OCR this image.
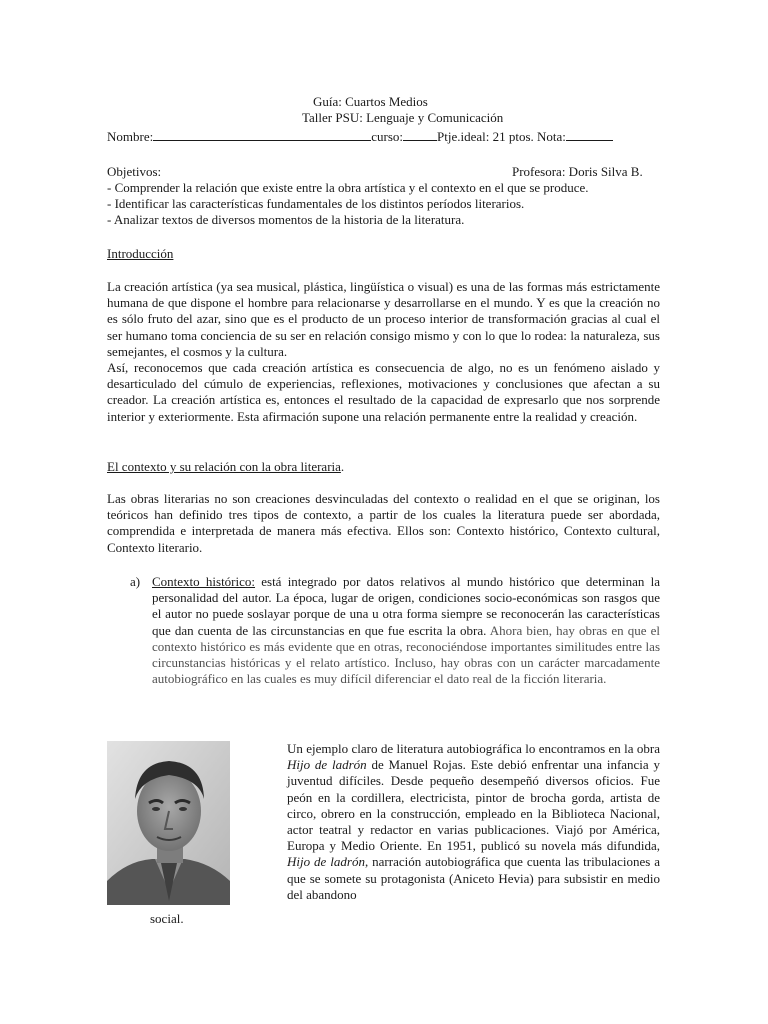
Guía: Cuartos Medios
Taller PSU: Lenguaje y Comunicación
Nombre:	curso:	Ptje.ideal: 21 ptos. Nota:
Objetivos:	Profesora: Doris Silva B.
- Comprender la relación que existe entre la obra artística y el contexto en el que se produce.
- Identificar las características fundamentales de los distintos períodos literarios.
- Analizar textos de diversos momentos de la historia de la literatura.
Introducción
La creación artística (ya sea musical, plástica, lingüística o visual) es una de las formas más estrictamente humana de que dispone el hombre para relacionarse y desarrollarse en el mundo. Y es que la creación no es sólo fruto del azar, sino que es el producto de un proceso interior de transformación gracias al cual el ser humano toma conciencia de su ser en relación consigo mismo y con lo que lo rodea: la naturaleza, sus semejantes, el cosmos y la cultura.
Así, reconocemos que cada creación artística es consecuencia de algo, no es un fenómeno aislado y desarticulado del cúmulo de experiencias, reflexiones, motivaciones y conclusiones que afectan a su creador. La creación artística es, entonces el resultado de la capacidad de expresarlo que nos sorprende interior y exteriormente. Esta afirmación supone una relación permanente entre la realidad y creación.
El contexto y su relación con la obra literaria.
Las obras literarias no son creaciones desvinculadas del contexto o realidad en el que se originan, los teóricos han definido tres tipos de contexto, a partir de los cuales la literatura puede ser abordada, comprendida e interpretada de manera más efectiva. Ellos son: Contexto histórico, Contexto cultural, Contexto literario.
a) Contexto histórico: está integrado por datos relativos al mundo histórico que determinan la personalidad del autor. La época, lugar de origen, condiciones socio-económicas son rasgos que el autor no puede soslayar porque de una u otra forma siempre se reconocerán las características que dan cuenta de las circunstancias en que fue escrita la obra. Ahora bien, hay obras en que el contexto histórico es más evidente que en otras, reconociéndose importantes similitudes entre las circunstancias históricas y el relato artístico. Incluso, hay obras con un carácter marcadamente autobiográfico en las cuales es muy difícil diferenciar el dato real de la ficción literaria.
Un ejemplo claro de literatura autobiográfica lo encontramos en la obra Hijo de ladrón de Manuel Rojas. Este debió enfrentar una infancia y juventud difíciles. Desde pequeño desempeñó diversos oficios. Fue peón en la cordillera, electricista, pintor de brocha gorda, artista de circo, obrero en la construcción, empleado en la Biblioteca Nacional, actor teatral y redactor en varias publicaciones. Viajó por América, Europa y Medio Oriente. En 1951, publicó su novela más difundida, Hijo de ladrón, narración autobiográfica que cuenta las tribulaciones a que se somete su protagonista (Aniceto Hevia) para subsistir en medio del abandono
social.
